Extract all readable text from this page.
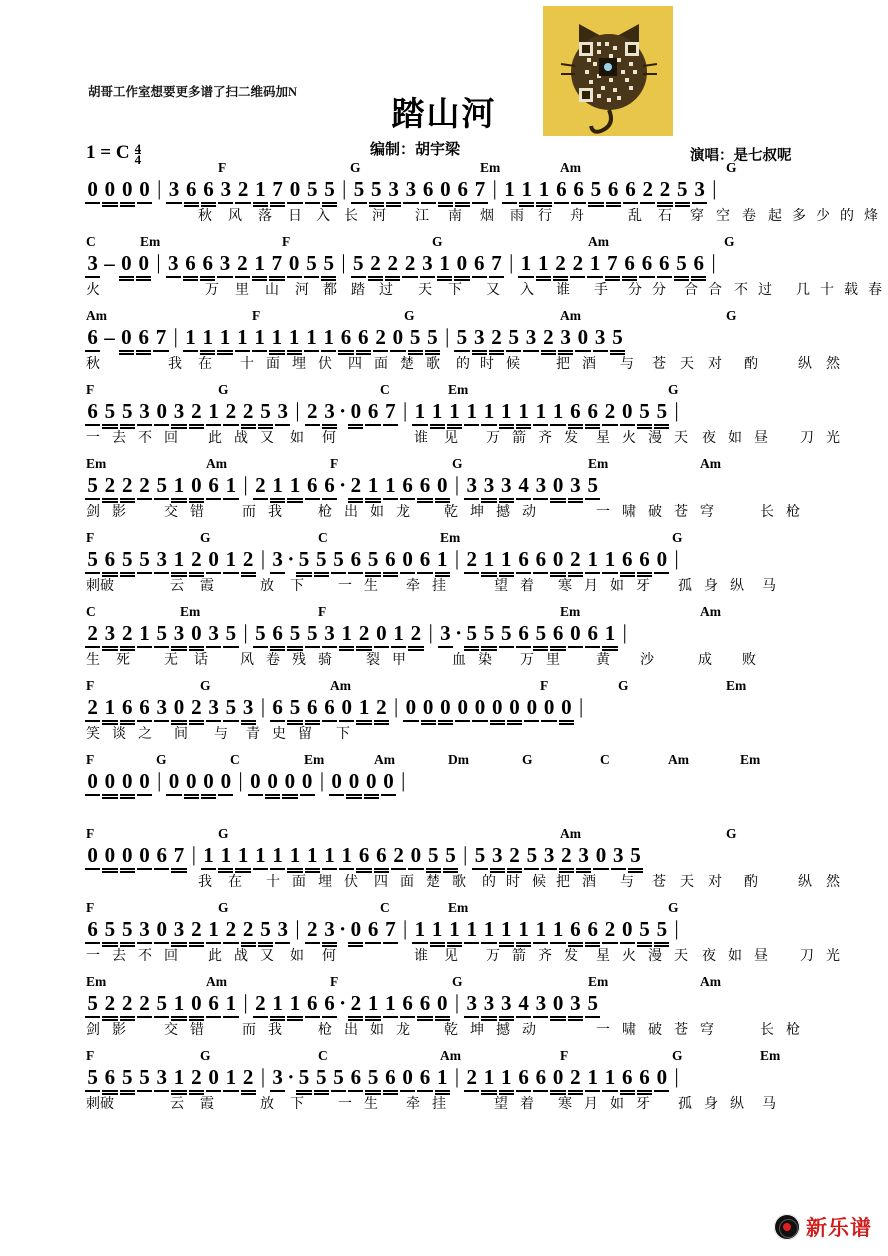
胡哥工作室想要更多谱了扫二维码加N
踏山河
编制：胡宇梁	演唱：是七叔呢
1 = C $\frac{4}{4}$
F	G	Em	Am	G
0 0 0 0 | 3 6 6 3 2 1 7 0 5 5 | 5 5 3 3 6 0 6 7 | 1 1 1 6 6 5 6 6 2 2 5 3 |
秋 风 落 日 入 长 河 江 南 烟 雨 行 舟	乱 石 穿 空 卷 起 多 少 的 烽
C	Em	F	G	Am	G
3 – 0 0 | 3 6 6 3 2 1 7 0 5 5 | 5 2 2 2 3 1 0 6 7 | 1 1 2 2 1 7 6 6 6 5 6 |
火	万 里 山 河 都 踏 过 天 下 又 入 谁 手 分 分 合 合 不 过 几 十 载 春
Am	F	G	Am	G
6 – 0 6 7 | 1 1 1 1 1 1 1 1 1 6 6 2 0 5 5 | 5 3 2 5 3 2 3 0 3 5
秋	我 在 十 面 埋 伏 四 面 楚 歌 的 时 候	把 酒 与 苍 天 对 酌	纵 然
F	G	C	Em	G
6 5 5 3 0 3 2 1 2 2 5 3 | 2 3 · 0 6 7 | 1 1 1 1 1 1 1 1 1 6 6 2 0 5 5 |
一 去 不 回 此 战 又 如 何	谁 见 万 箭 齐 发 星 火 漫 天 夜 如 昼 刀 光
Em	Am	F	G	Em	Am
5 2 2 2 5 1 0 6 1 | 2 1 1 6 6 · 2 1 1 6 6 0 | 3 3 3 4 3 0 3 5
剑 影	交 错	而 我	枪 出 如 龙 乾 坤 撼 动	一 啸 破 苍 穹	长 枪
F	G	C	Em	G
5 6 5 5 3 1 2 0 1 2 | 3 · 5 5 5 6 5 6 0 6 1 | 2 1 1 6 6 0 2 1 1 6 6 0 |
刺破	云 霞	放 下 一 生 牵 挂	望 着 寒 月 如 牙 孤 身 纵 马
C	Em	F	Em	Am
2 3 2 1 5 3 0 3 5 | 5 6 5 5 3 1 2 0 1 2 | 3 · 5 5 5 6 5 6 0 6 1 |
生 死 无 话 风 卷 残 骑 裂 甲	血 染 万 里	黄 沙	成 败
F	G	Am	F	G	Em
2 1 6 6 3 0 2 3 5 3 | 6 5 6 6 0 1 2 | 0 0 0 0 0 0 0 0 0 0 |
笑 谈 之 间 与 青 史 留 下
F	G	C	Em	Am	Dm	G	C	Am	Em
0 0 0 0 | 0 0 0 0 | 0 0 0 0 | 0 0 0 0 |
F	G	Am	G
0 0 0 0 6 7 | 1 1 1 1 1 1 1 1 1 6 6 2 0 5 5 | 5 3 2 5 3 2 3 0 3 5
我 在 十 面 埋 伏 四 面 楚 歌 的 时 候 把 酒 与 苍 天 对 酌	纵 然
F	G	C	Em	G
6 5 5 3 0 3 2 1 2 2 5 3 | 2 3 · 0 6 7 | 1 1 1 1 1 1 1 1 1 6 6 2 0 5 5 |
一 去 不 回 此 战 又 如 何	谁 见 万 箭 齐 发 星 火 漫 天 夜 如 昼 刀 光
Em	Am	F	G	Em	Am
5 2 2 2 5 1 0 6 1 | 2 1 1 6 6 · 2 1 1 6 6 0 | 3 3 3 4 3 0 3 5
剑 影	交 错	而 我	枪 出 如 龙 乾 坤 撼 动	一 啸 破 苍 穹	长 枪
F	G	C	Am	F	G	Em
5 6 5 5 3 1 2 0 1 2 | 3 · 5 5 5 6 5 6 0 6 1 | 2 1 1 6 6 0 2 1 1 6 6 0 |
刺破	云 霞	放 下 一 生 牵 挂	望 着 寒 月 如 牙 孤 身 纵 马
新乐谱
